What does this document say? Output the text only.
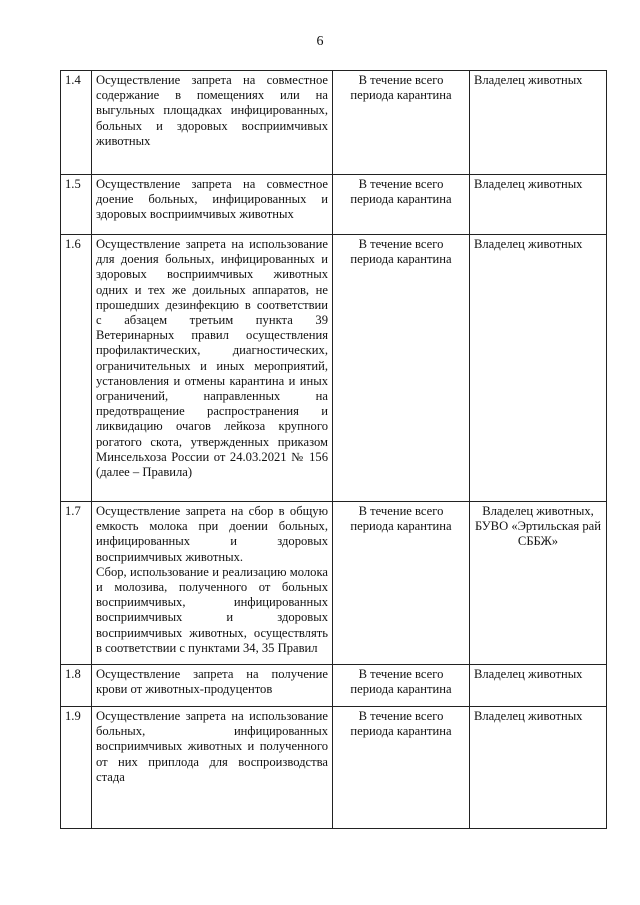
6
1.4	Осуществление запрета на совместное содержание в помещениях или на выгульных площадках инфицированных, больных и здоровых восприимчивых животных	В течение всего периода карантина	Владелец животных
1.5	Осуществление запрета на совместное доение больных, инфицированных и здоровых восприимчивых животных	В течение всего периода карантина	Владелец животных
1.6	Осуществление запрета на использование для доения больных, инфицированных и здоровых восприимчивых животных одних и тех же доильных аппаратов, не прошедших дезинфекцию в соответствии с абзацем третьим пункта 39 Ветеринарных правил осуществления профилактических, диагностических, ограничительных и иных мероприятий, установления и отмены карантина и иных ограничений, направленных на предотвращение распространения и ликвидацию очагов лейкоза крупного рогатого скота, утвержденных приказом Минсельхоза России от 24.03.2021 № 156 (далее – Правила)	В течение всего периода карантина	Владелец животных
1.7	Осуществление запрета на сбор в общую емкость молока при доении больных, инфицированных и здоровых восприимчивых животных.
Сбор, использование и реализацию молока и молозива, полученного от больных восприимчивых, инфицированных восприимчивых и здоровых восприимчивых животных, осуществлять в соответствии с пунктами 34, 35 Правил	В течение всего периода карантина	Владелец животных, БУВО «Эртильская рай СББЖ»
1.8	Осуществление запрета на получение крови от животных-продуцентов	В течение всего периода карантина	Владелец животных
1.9	Осуществление запрета на использование больных, инфицированных восприимчивых животных и полученного от них приплода для воспроизводства стада	В течение всего периода карантина	Владелец животных
